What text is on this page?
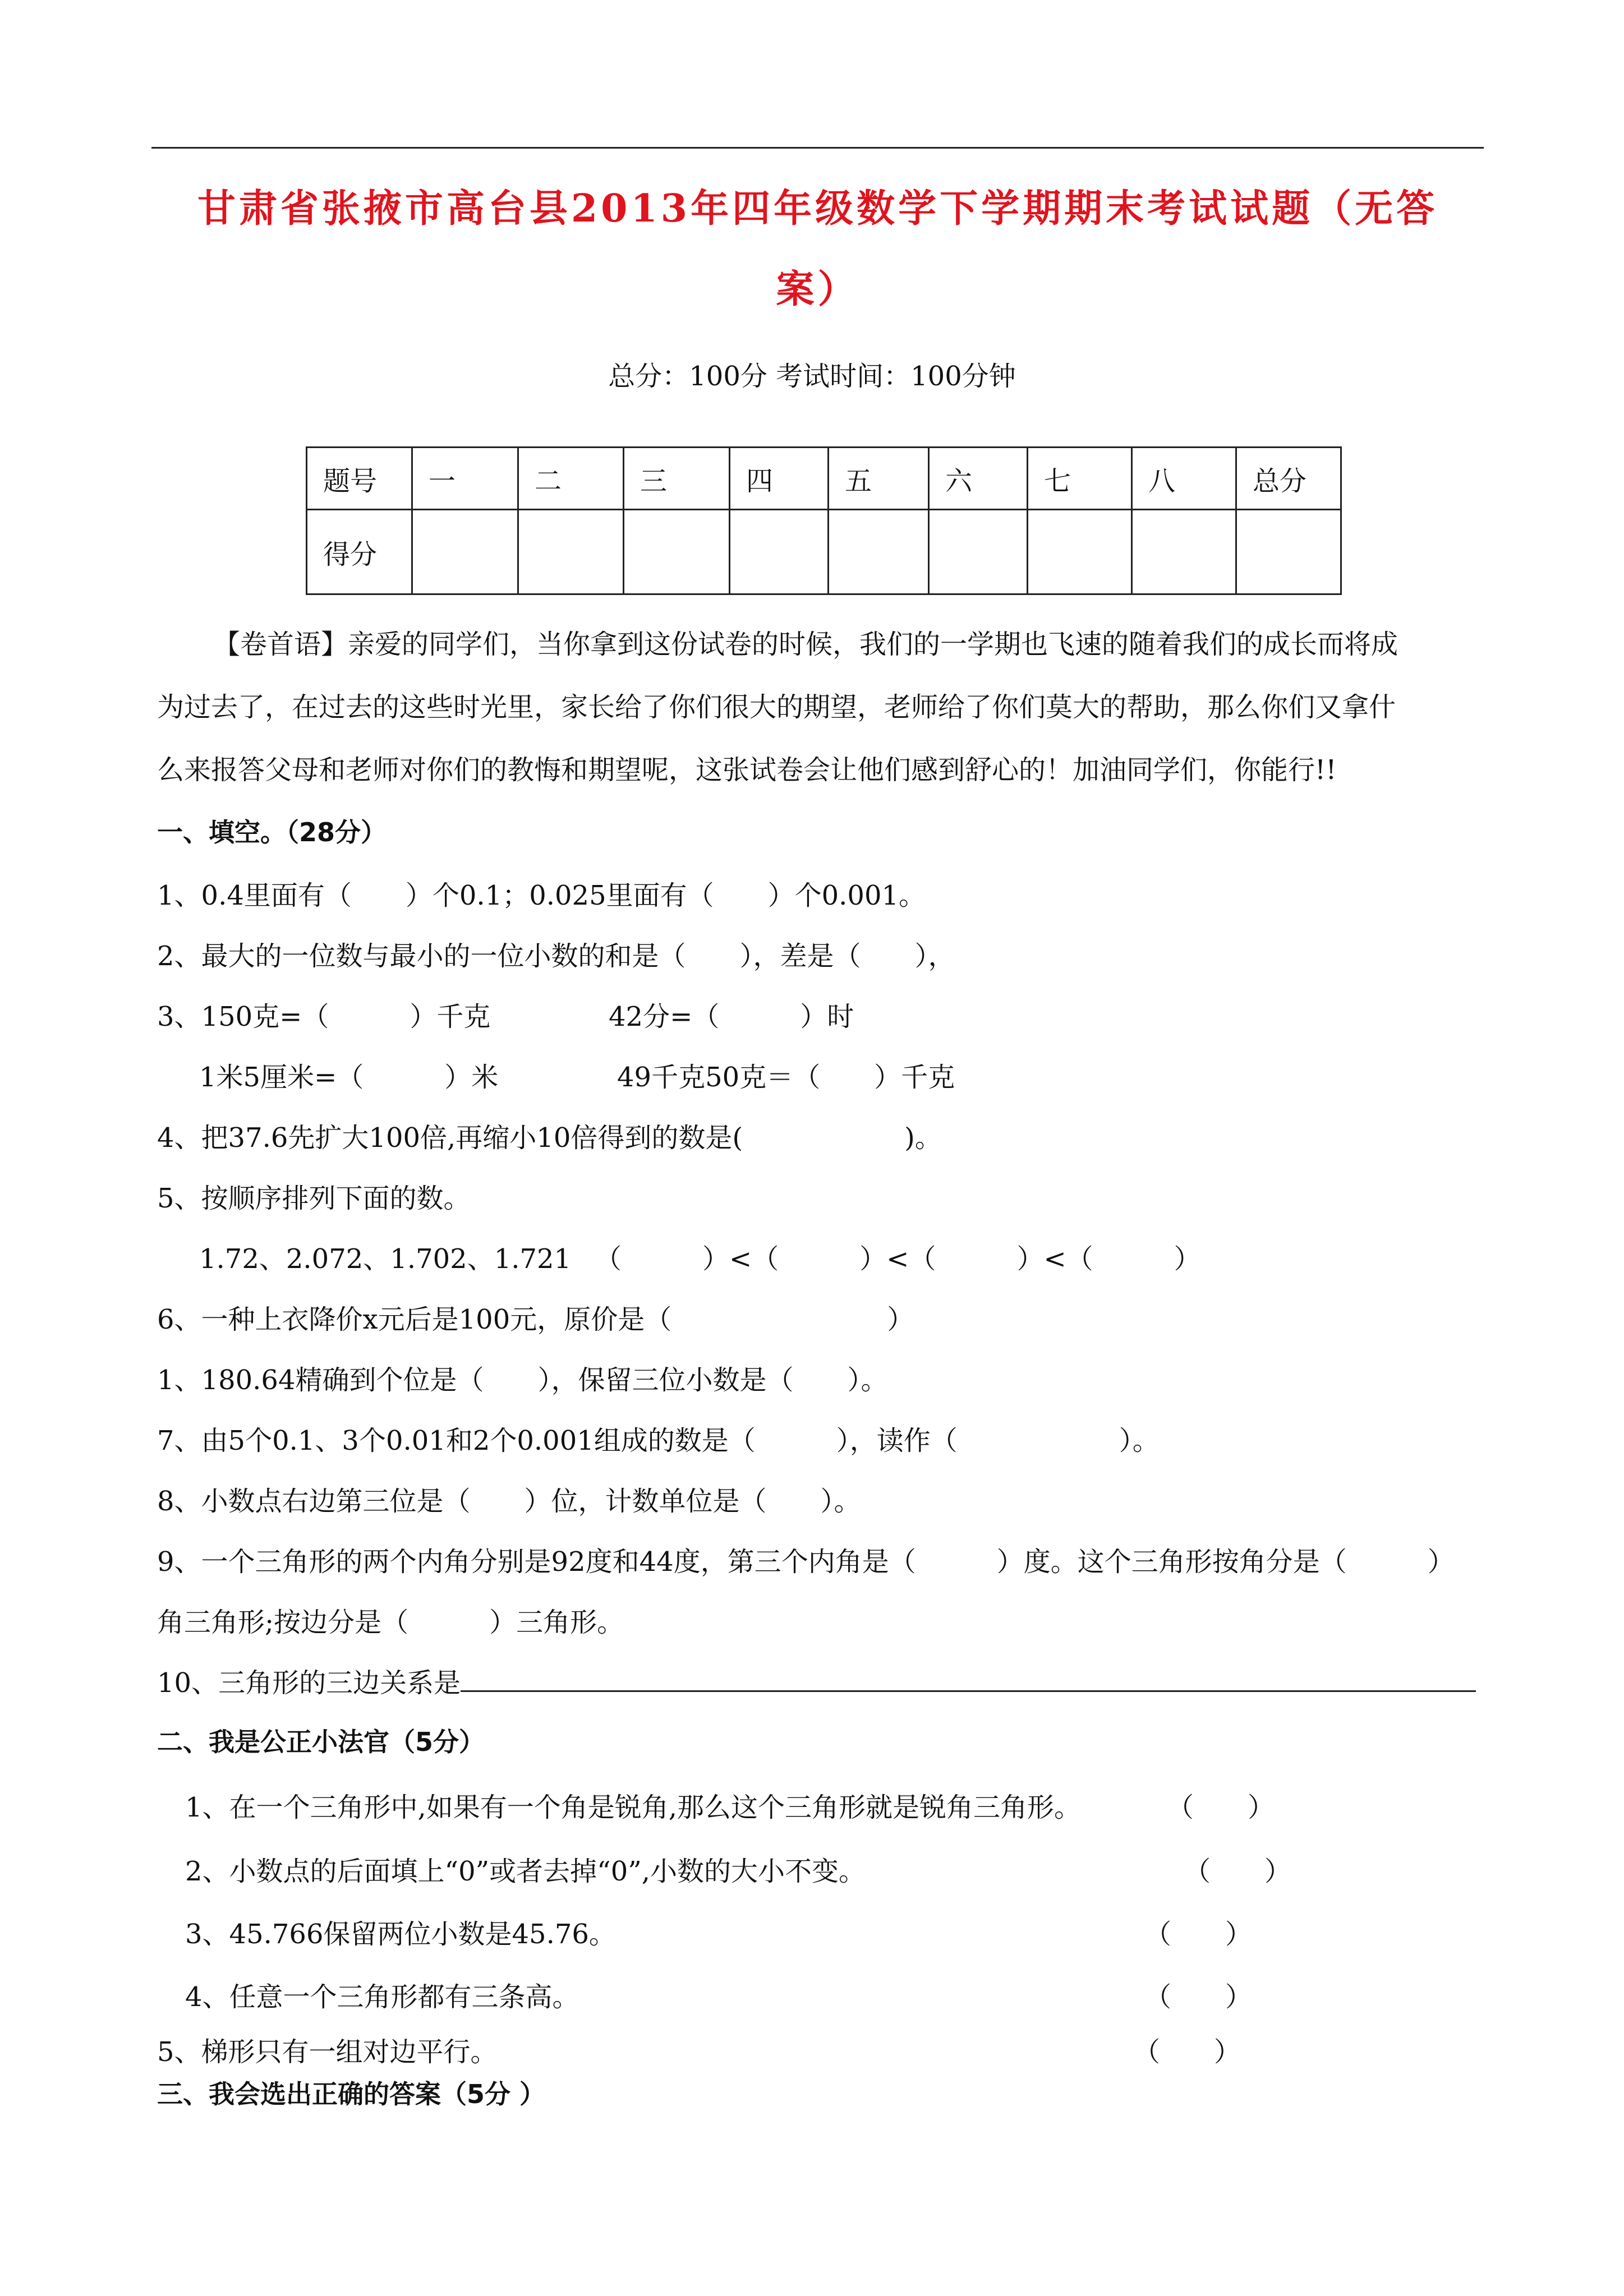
甘肃省张掖市高台县2013年四年级数学下学期期末考试试题（无答
案）
总分：100分 考试时间：100分钟
题号	一	二	三	四	五	六	七	八	总分
得分									
【卷首语】亲爱的同学们，当你拿到这份试卷的时候，我们的一学期也飞速的随着我们的成长而将成
为过去了，在过去的这些时光里，家长给了你们很大的期望，老师给了你们莫大的帮助，那么你们又拿什
么来报答父母和老师对你们的教悔和期望呢，这张试卷会让他们感到舒心的！加油同学们，你能行!!
一、填空。（28分）
1、0.4里面有（　　）个0.1；0.025里面有（　　）个0.001。
2、最大的一位数与最小的一位小数的和是（　　），差是（　　），
3、150克=（　　　）千克	42分=（　　　）时
1米5厘米=（　　　）米	49千克50克＝（　　）千克
4、把37.6先扩大100倍,再缩小10倍得到的数是(　　　　　　)。
5、按顺序排列下面的数。
1.72、2.072、1.702、1.721 （　　　）<（　　　）<（　　　）<（　　　）
6、一种上衣降价x元后是100元，原价是（　　　　　　　　）
1、180.64精确到个位是（　　），保留三位小数是（　　）。
7、由5个0.1、3个0.01和2个0.001组成的数是（　　　），读作（　　　　　　）。
8、小数点右边第三位是（　　）位，计数单位是（　　）。
9、一个三角形的两个内角分别是92度和44度，第三个内角是（　　　）度。这个三角形按角分是（　　　）
角三角形;按边分是（　　　）三角形。
10、三角形的三边关系是
二、我是公正小法官（5分）
1、在一个三角形中,如果有一个角是锐角,那么这个三角形就是锐角三角形。	（　　）
2、小数点的后面填上“0”或者去掉“0”,小数的大小不变。	（　　）
3、45.766保留两位小数是45.76。	（　　）
4、任意一个三角形都有三条高。	（　　）
5、梯形只有一组对边平行。	（　　）
三、我会选出正确的答案（5分 ）
